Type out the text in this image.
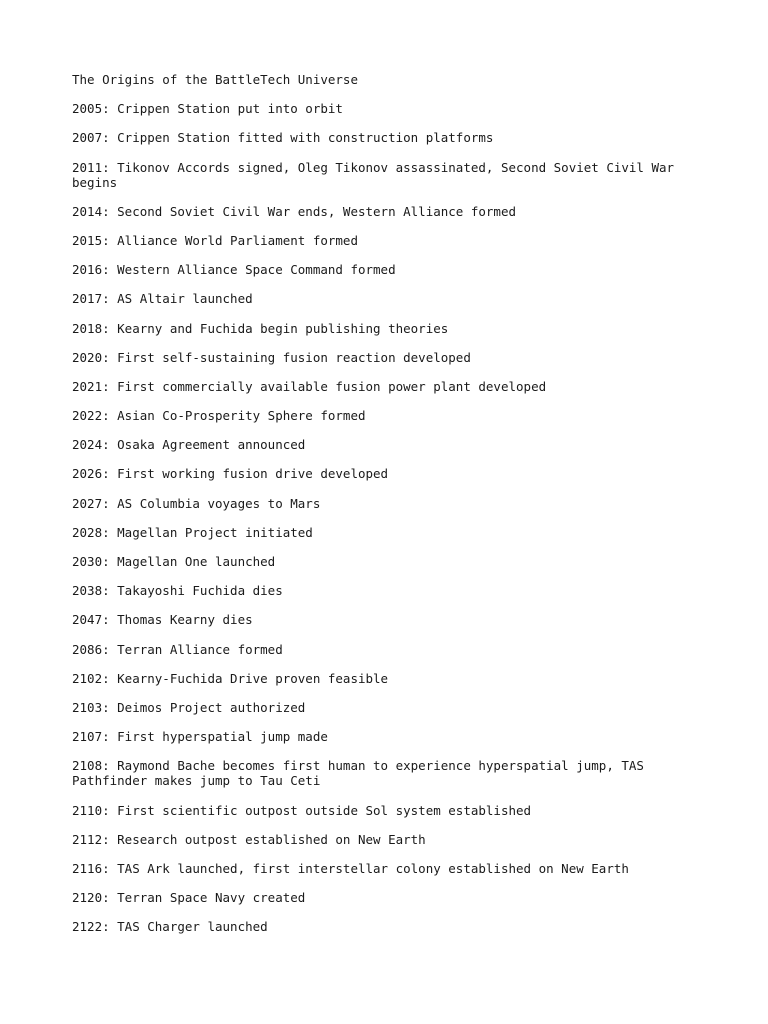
The Origins of the BattleTech Universe
2005: Crippen Station put into orbit
2007: Crippen Station fitted with construction platforms
2011: Tikonov Accords signed, Oleg Tikonov assassinated, Second Soviet Civil War begins
2014: Second Soviet Civil War ends, Western Alliance formed
2015: Alliance World Parliament formed
2016: Western Alliance Space Command formed
2017: AS Altair launched
2018: Kearny and Fuchida begin publishing theories
2020: First self-sustaining fusion reaction developed
2021: First commercially available fusion power plant developed
2022: Asian Co-Prosperity Sphere formed
2024: Osaka Agreement announced
2026: First working fusion drive developed
2027: AS Columbia voyages to Mars
2028: Magellan Project initiated
2030: Magellan One launched
2038: Takayoshi Fuchida dies
2047: Thomas Kearny dies
2086: Terran Alliance formed
2102: Kearny-Fuchida Drive proven feasible
2103: Deimos Project authorized
2107: First hyperspatial jump made
2108: Raymond Bache becomes first human to experience hyperspatial jump, TAS Pathfinder makes jump to Tau Ceti
2110: First scientific outpost outside Sol system established
2112: Research outpost established on New Earth
2116: TAS Ark launched, first interstellar colony established on New Earth
2120: Terran Space Navy created
2122: TAS Charger launched
